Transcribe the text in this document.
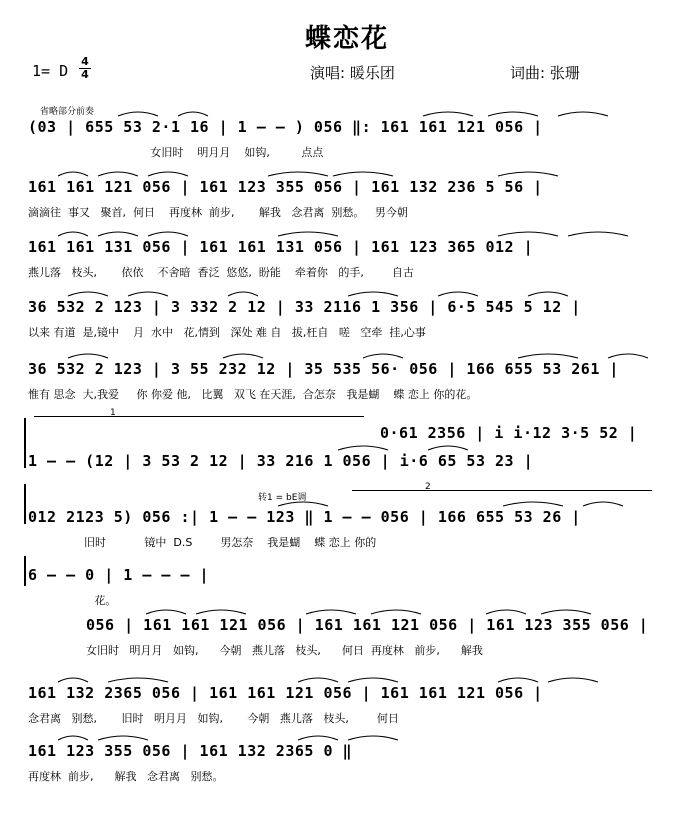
蝶恋花
1= D
4
4	演唱: 暖乐团	词曲: 张珊
省略部分前奏
(03 | 655 53 2·1 16 | 1 – – ) 056 ‖: 161 161 121 056 |
女旧时    明月月    如钩,         点点
161 161 121 056 | 161 123 355 056 | 161 132 236 5 56 |
滴滴往  事又   聚首,  何日    再度林  前步,       解我   念君离  别愁。   男今朝
161 161 131 056 | 161 161 131 056 | 161 123 365 012 |
燕儿落   枝头,       依依    不舍暗  香泛  悠悠,  盼能    牵着你   的手,        自古
36 532 2 123 | 3 332 2 12 | 33 2116 1 356 | 6·5 545 5 12 |
以来 有道  是,镜中    月  水中   花,情到   深处 难 自   拔,枉自   嗟   空牵  挂,心事
36 532 2 123 | 3 55 232 12 | 35 535 56· 056 | 166 655 53 261 |
惟有 思念  大,我爱     你 你爱 他,   比翼   双飞 在天涯,  合怎奈   我是蝴    蝶 恋上 你的花。
1
0·61 2356 | i i·12 3·5 52 |
1 – – (12 | 3 53 2 12 | 33 216 1 056 | i·6 65 53 23 |
转1 = bE调
2
012 2123 5) 056 :| 1 – – 123 ‖ 1 – – 056 | 166 655 53 26 |
旧时           镜中  D.S        男怎奈    我是蝴    蝶 恋上 你的
6 – – 0 | 1 – – – |
花。
056 | 161 161 121 056 | 161 161 121 056 | 161 123 355 056 |
女旧时   明月月   如钩,      今朝   燕儿落   枝头,      何日  再度林   前步,      解我
161 132 2365 056 | 161 161 121 056 | 161 161 121 056 |
念君离   别愁,       旧时   明月月   如钩,       今朝   燕儿落   枝头,        何日
161 123 355 056 | 161 132 2365 0 ‖
再度林  前步,      解我   念君离   别愁。
